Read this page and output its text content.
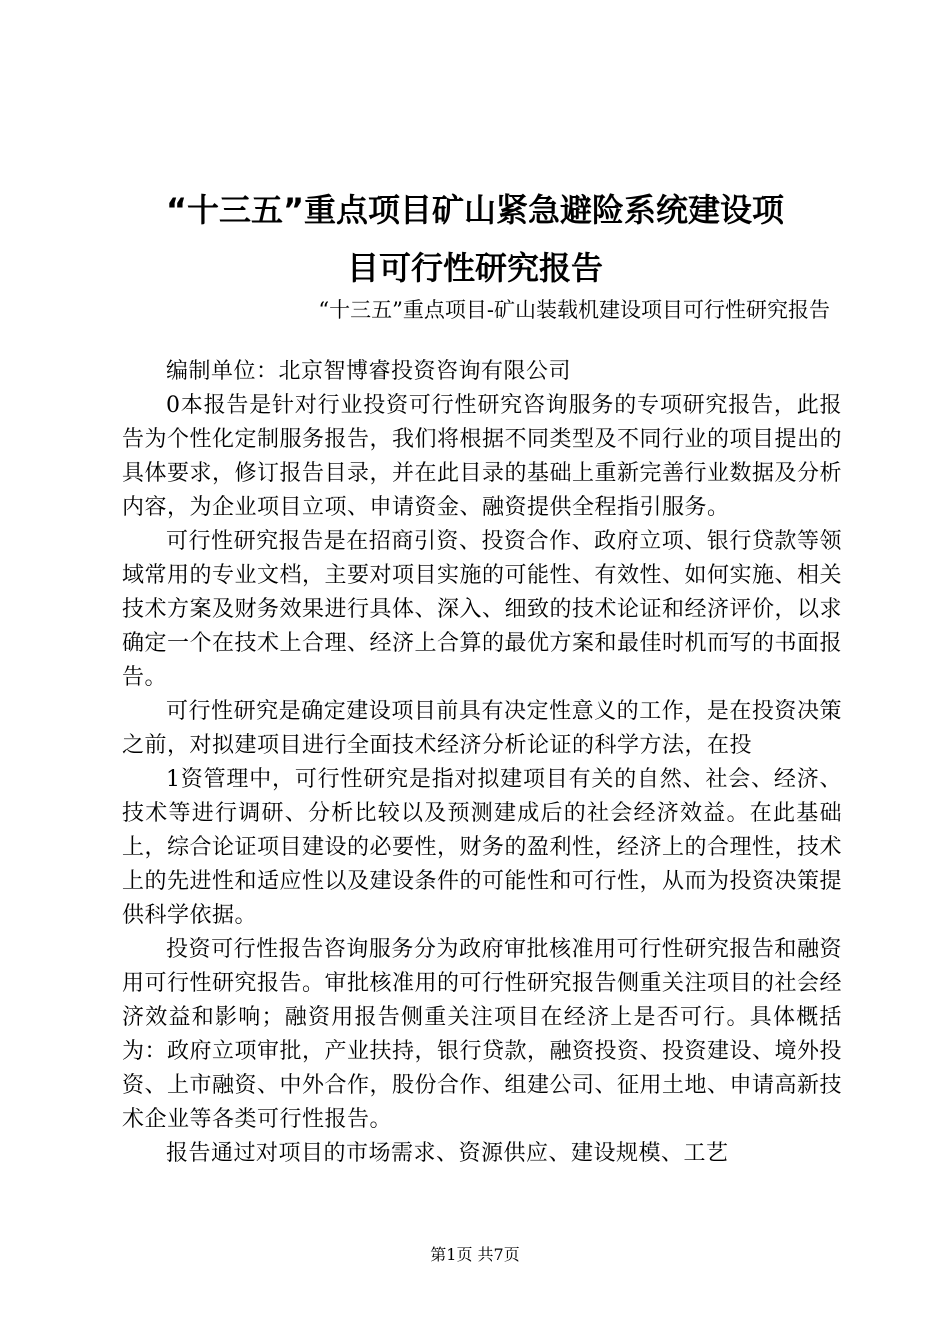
“十三五”重点项目矿山紧急避险系统建设项
目可行性研究报告
“十三五”重点项目-矿山装载机建设项目可行性研究报告

编制单位：北京智博睿投资咨询有限公司

0本报告是针对行业投资可行性研究咨询服务的专项研究报告，此报告为个性化定制服务报告，我们将根据不同类型及不同行业的项目提出的具体要求，修订报告目录，并在此目录的基础上重新完善行业数据及分析内容，为企业项目立项、申请资金、融资提供全程指引服务。

可行性研究报告是在招商引资、投资合作、政府立项、银行贷款等领域常用的专业文档，主要对项目实施的可能性、有效性、如何实施、相关技术方案及财务效果进行具体、深入、细致的技术论证和经济评价，以求确定一个在技术上合理、经济上合算的最优方案和最佳时机而写的书面报告。

可行性研究是确定建设项目前具有决定性意义的工作，是在投资决策之前，对拟建项目进行全面技术经济分析论证的科学方法，在投

1资管理中，可行性研究是指对拟建项目有关的自然、社会、经济、技术等进行调研、分析比较以及预测建成后的社会经济效益。在此基础上，综合论证项目建设的必要性，财务的盈利性，经济上的合理性，技术上的先进性和适应性以及建设条件的可能性和可行性，从而为投资决策提供科学依据。

投资可行性报告咨询服务分为政府审批核准用可行性研究报告和融资用可行性研究报告。审批核准用的可行性研究报告侧重关注项目的社会经济效益和影响；融资用报告侧重关注项目在经济上是否可行。具体概括为：政府立项审批，产业扶持，银行贷款，融资投资、投资建设、境外投资、上市融资、中外合作，股份合作、组建公司、征用土地、申请高新技术企业等各类可行性报告。

报告通过对项目的市场需求、资源供应、建设规模、工艺

第1页 共7页
